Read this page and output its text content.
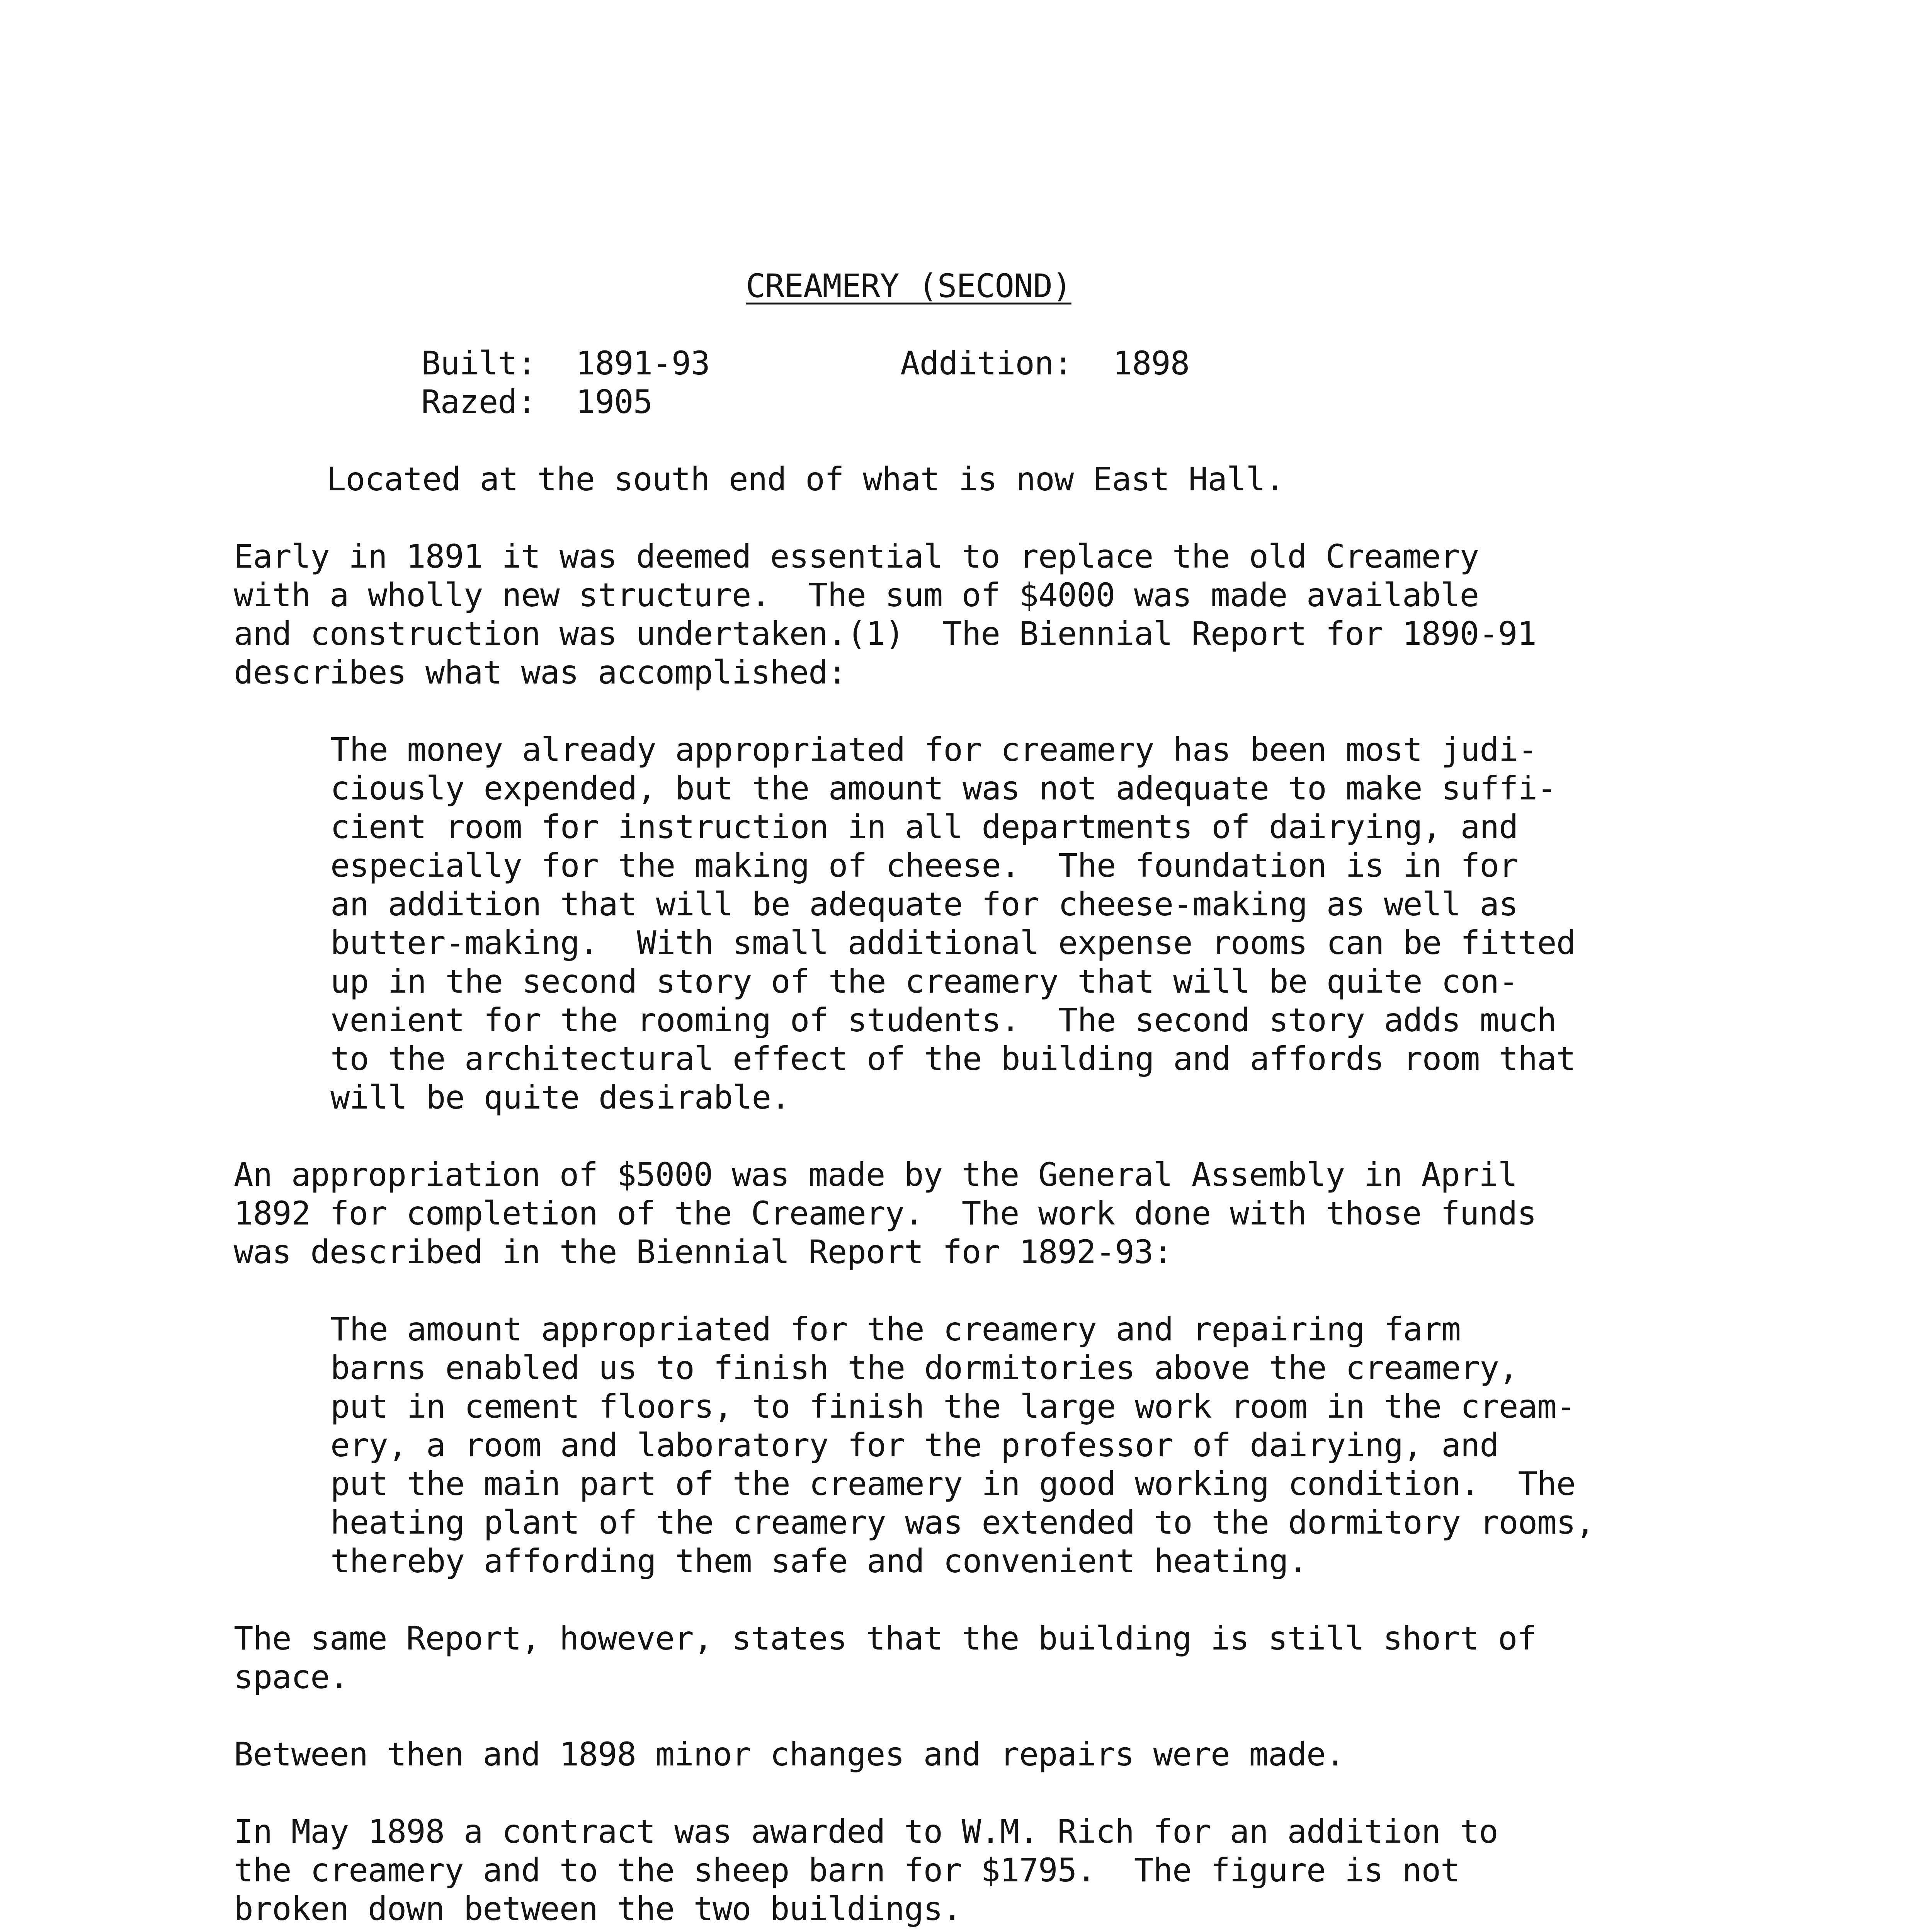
CREAMERY (SECOND)
Built: 1891-93	Addition: 1898
Razed: 1905
Located at the south end of what is now East Hall.
Early in 1891 it was deemed essential to replace the old Creamery
with a wholly new structure.  The sum of $4000 was made available
and construction was undertaken.(1)  The Biennial Report for 1890-91
describes what was accomplished:
The money already appropriated for creamery has been most judi-
ciously expended, but the amount was not adequate to make suffi-
cient room for instruction in all departments of dairying, and
especially for the making of cheese.  The foundation is in for
an addition that will be adequate for cheese-making as well as
butter-making.  With small additional expense rooms can be fitted
up in the second story of the creamery that will be quite con-
venient for the rooming of students.  The second story adds much
to the architectural effect of the building and affords room that
will be quite desirable.
An appropriation of $5000 was made by the General Assembly in April
1892 for completion of the Creamery.  The work done with those funds
was described in the Biennial Report for 1892-93:
The amount appropriated for the creamery and repairing farm
barns enabled us to finish the dormitories above the creamery,
put in cement floors, to finish the large work room in the cream-
ery, a room and laboratory for the professor of dairying, and
put the main part of the creamery in good working condition.  The
heating plant of the creamery was extended to the dormitory rooms,
thereby affording them safe and convenient heating.
The same Report, however, states that the building is still short of
space.
Between then and 1898 minor changes and repairs were made.
In May 1898 a contract was awarded to W.M. Rich for an addition to
the creamery and to the sheep barn for $1795.  The figure is not
broken down between the two buildings.
